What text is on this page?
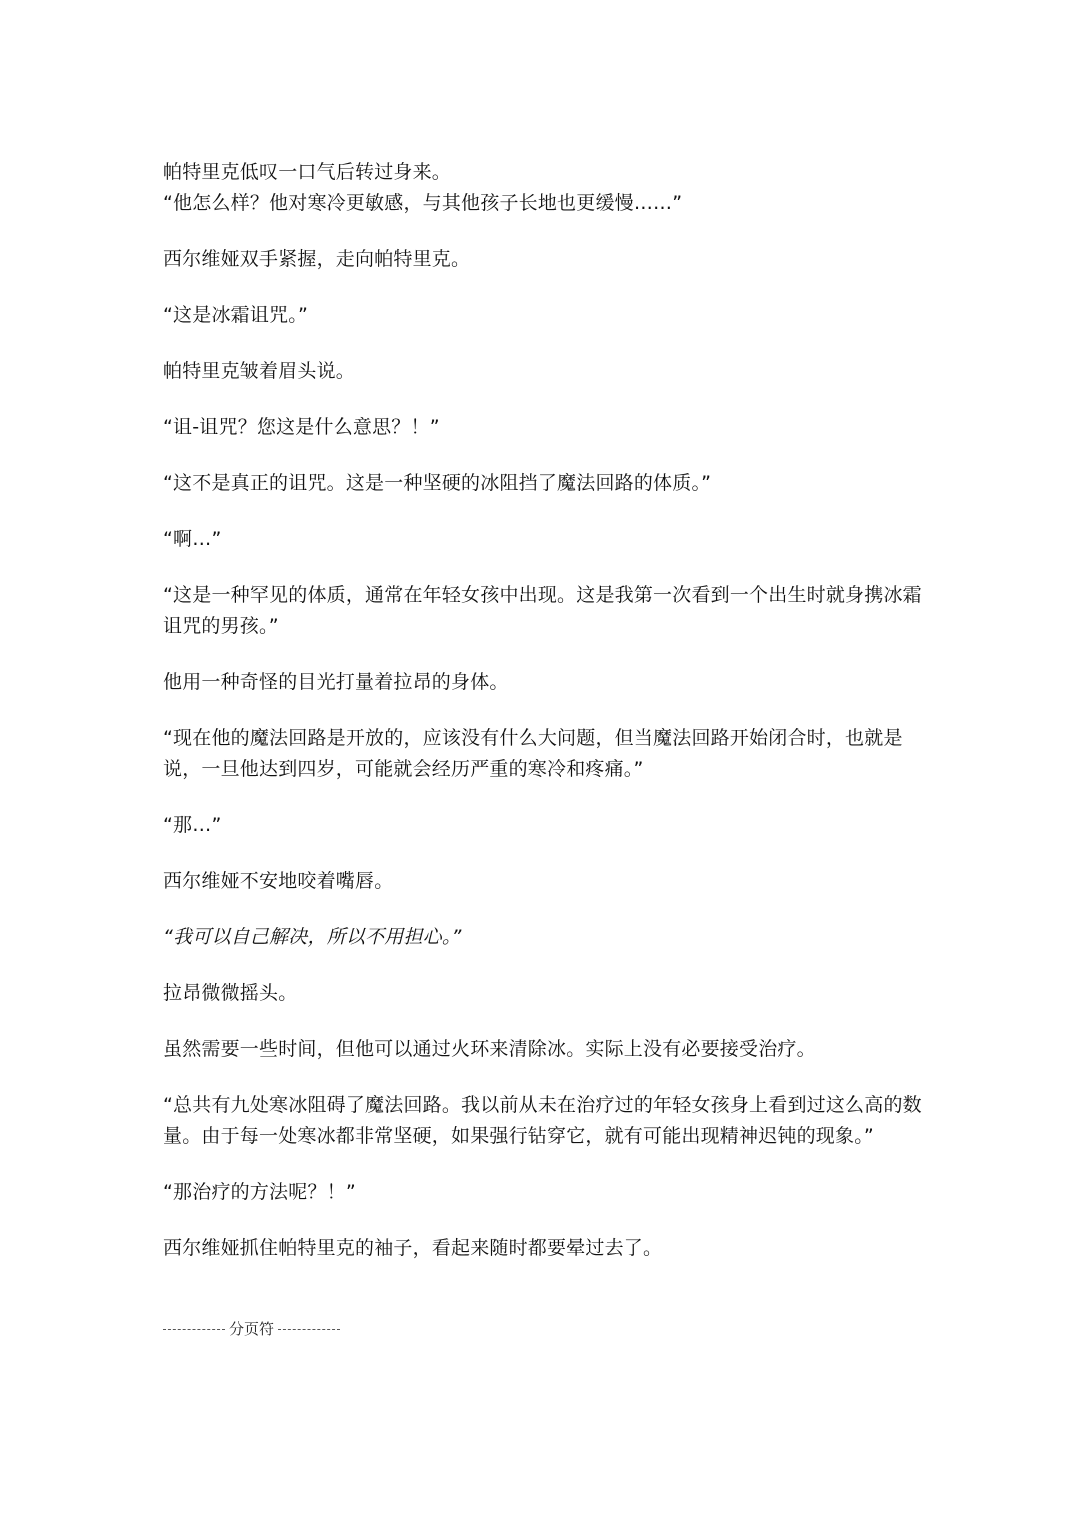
帕特里克低叹一口气后转过身来。
“他怎么样？他对寒冷更敏感，与其他孩子长地也更缓慢……”

西尔维娅双手紧握，走向帕特里克。

“这是冰霜诅咒。”

帕特里克皱着眉头说。

“诅-诅咒？您这是什么意思？！”

“这不是真正的诅咒。这是一种坚硬的冰阻挡了魔法回路的体质。”

“啊…”

“这是一种罕见的体质，通常在年轻女孩中出现。这是我第一次看到一个出生时就身携冰霜诅咒的男孩。”

他用一种奇怪的目光打量着拉昂的身体。

“现在他的魔法回路是开放的，应该没有什么大问题，但当魔法回路开始闭合时，也就是说，一旦他达到四岁，可能就会经历严重的寒冷和疼痛。”

“那…”

西尔维娅不安地咬着嘴唇。

“我可以自己解决，所以不用担心。”

拉昂微微摇头。

虽然需要一些时间，但他可以通过火环来清除冰。实际上没有必要接受治疗。

“总共有九处寒冰阻碍了魔法回路。我以前从未在治疗过的年轻女孩身上看到过这么高的数量。由于每一处寒冰都非常坚硬，如果强行钻穿它，就有可能出现精神迟钝的现象。”

“那治疗的方法呢？！”

西尔维娅抓住帕特里克的袖子，看起来随时都要晕过去了。

分页符
